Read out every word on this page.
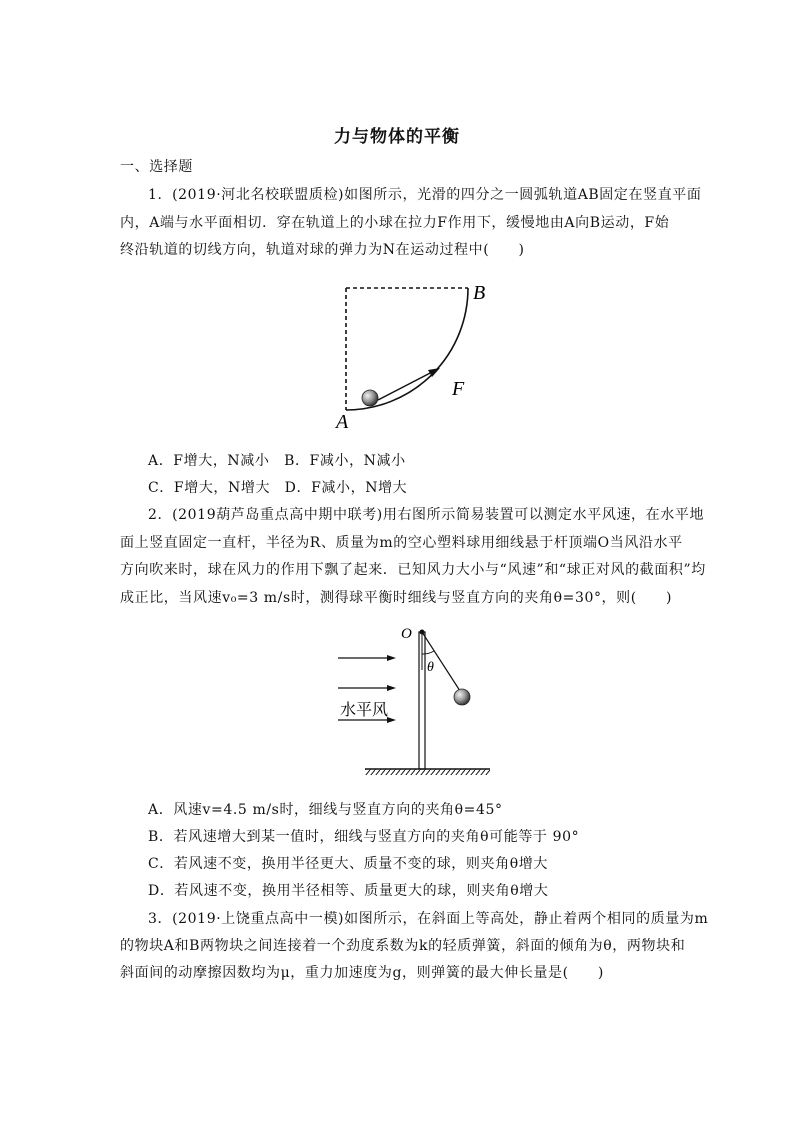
力与物体的平衡
一、选择题
1．(2019·河北名校联盟质检)如图所示，光滑的四分之一圆弧轨道AB固定在竖直平面
内，A端与水平面相切．穿在轨道上的小球在拉力F作用下，缓慢地由A向B运动，F始
终沿轨道的切线方向，轨道对球的弹力为N在运动过程中(　　)
A
B
F
A．F增大，N减小　B．F减小，N减小
C．F增大，N增大　D．F减小，N增大
2．(2019葫芦岛重点高中期中联考)用右图所示简易装置可以测定水平风速，在水平地
面上竖直固定一直杆，半径为R、质量为m的空心塑料球用细线悬于杆顶端O当风沿水平
方向吹来时，球在风力的作用下飘了起来．已知风力大小与“风速”和“球正对风的截面积”均
成正比，当风速v₀=3 m/s时，测得球平衡时细线与竖直方向的夹角θ=30°，则(　　)
水平风
O
θ
A．风速v=4.5 m/s时，细线与竖直方向的夹角θ=45°
B．若风速增大到某一值时，细线与竖直方向的夹角θ可能等于 90°
C．若风速不变，换用半径更大、质量不变的球，则夹角θ增大
D．若风速不变，换用半径相等、质量更大的球，则夹角θ增大
3．(2019·上饶重点高中一模)如图所示，在斜面上等高处，静止着两个相同的质量为m
的物块A和B两物块之间连接着一个劲度系数为k的轻质弹簧，斜面的倾角为θ，两物块和
斜面间的动摩擦因数均为μ，重力加速度为g，则弹簧的最大伸长量是(　　)
